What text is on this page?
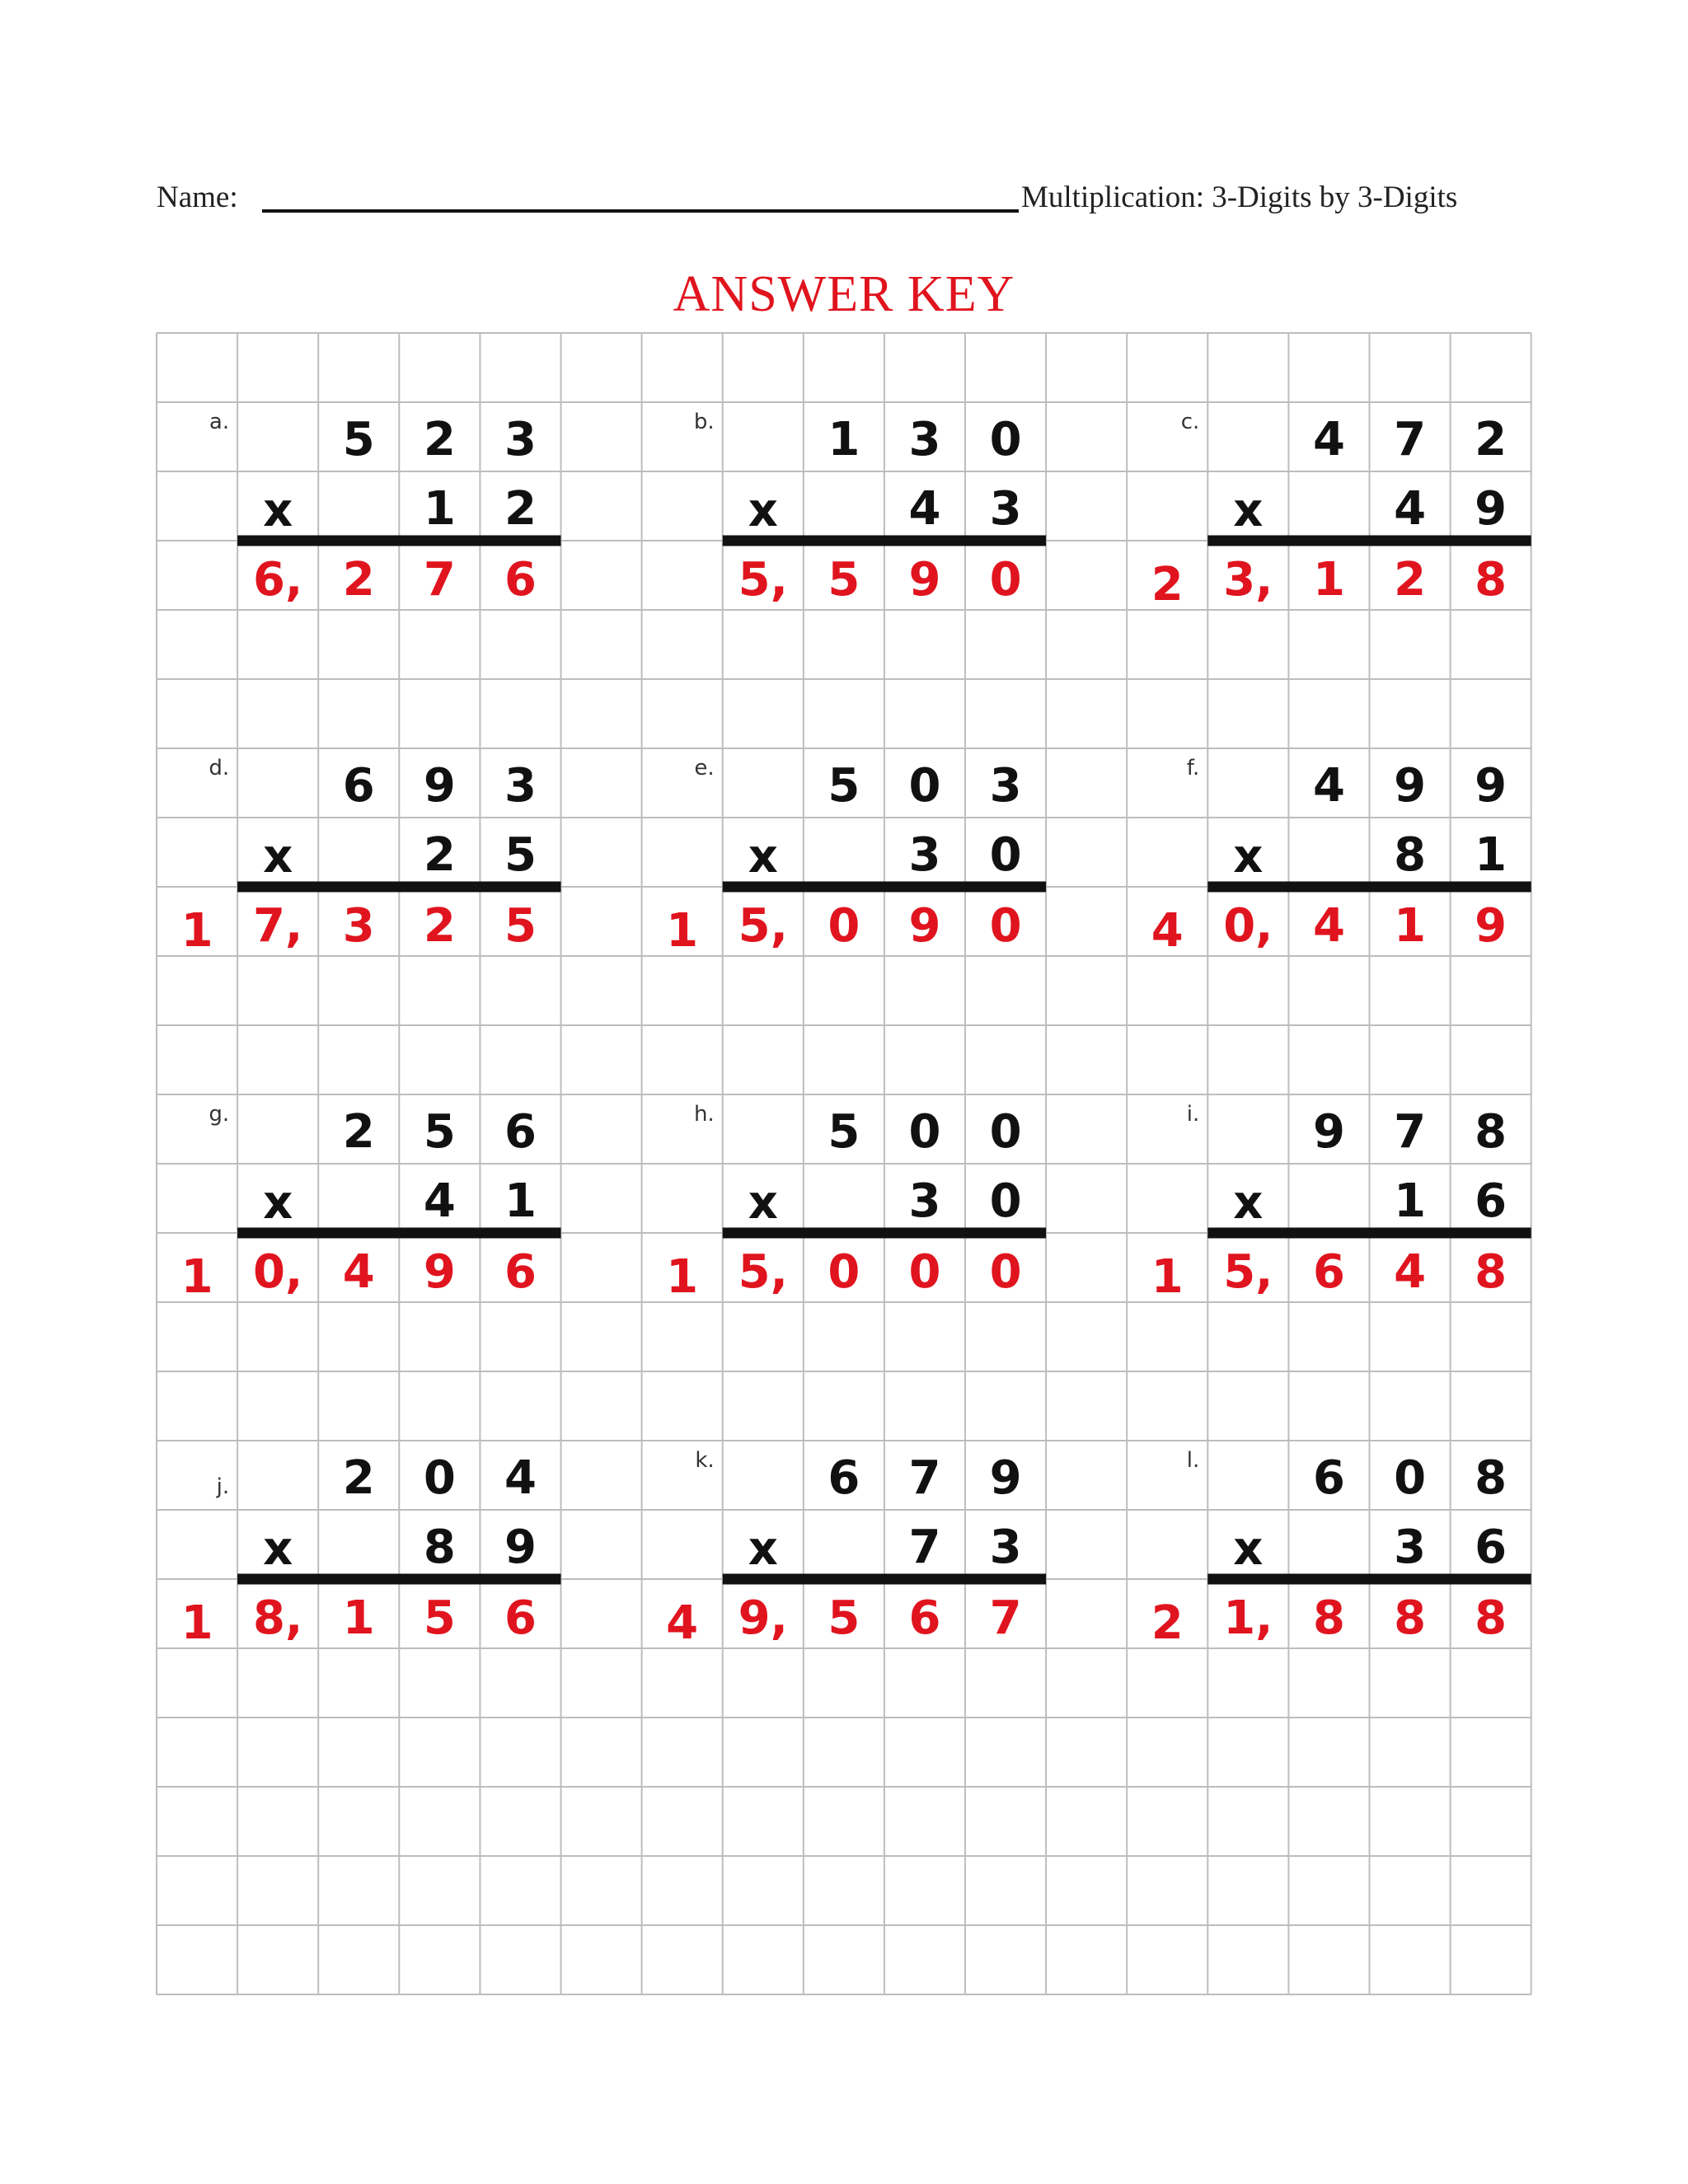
Name:	Multiplication: 3-Digits by 3-Digits
ANSWER KEY
a. 5 2 3
x	1 2
6, 2 7 6
b. 1 3 0
x	4 3
5, 5 9 0
c. 4 7 2
x	4 9
2 3, 1 2 8
d. 6 9 3
x	2 5
1 7, 3 2 5
e. 5 0 3
x	3 0
1 5, 0 9 0
f. 4 9 9
x	8 1
4 0, 4 1 9
g. 2 5 6
x	4 1
1 0, 4 9 6
h. 5 0 0
x	3 0
1 5, 0 0 0
i. 9 7 8
x	1 6
1 5, 6 4 8
j. 2 0 4
x	8 9
1 8, 1 5 6
k. 6 7 9
x	7 3
4 9, 5 6 7
l. 6 0 8
x	3 6
2 1, 8 8 8
